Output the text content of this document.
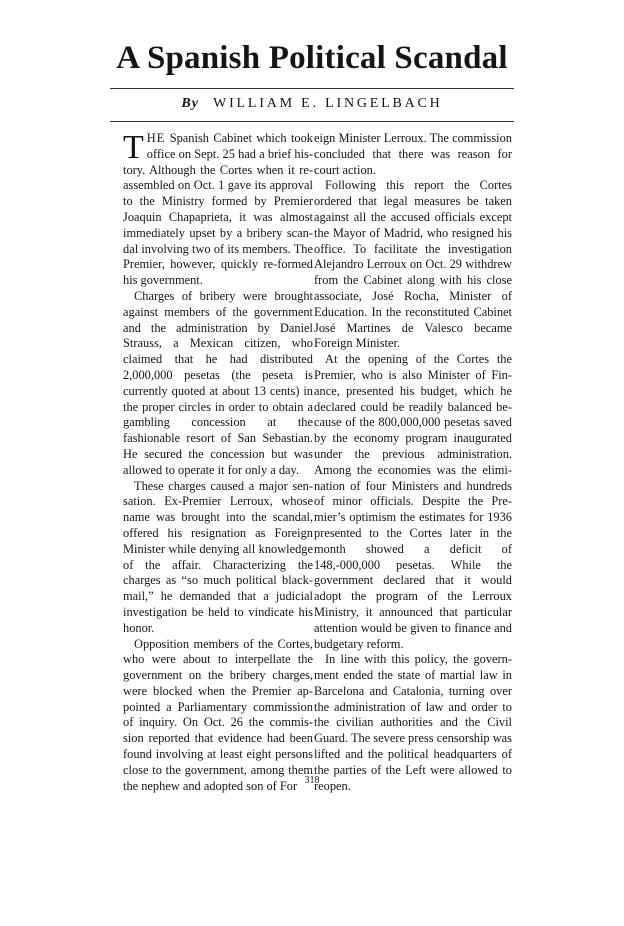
A Spanish Political Scandal

By WILLIAM E. LINGELBACH

THE Spanish Cabinet which took office on Sept. 25 had a brief history. Although the Cortes when it reassembled on Oct. 1 gave its approval to the Ministry formed by Premier Joaquin Chapaprieta, it was almost immediately upset by a bribery scandal involving two of its members. The Premier, however, quickly re-formed his government.

Charges of bribery were brought against members of the government and the administration by Daniel Strauss, a Mexican citizen, who claimed that he had distributed 2,000,000 pesetas (the peseta is currently quoted at about 13 cents) in the proper circles in order to obtain a gambling concession at the fashionable resort of San Sebastian. He secured the concession but was allowed to operate it for only a day.

These charges caused a major sensation. Ex-Premier Lerroux, whose name was brought into the scandal, offered his resignation as Foreign Minister while denying all knowledge of the affair. Characterizing the charges as “so much political blackmail,” he demanded that a judicial investigation be held to vindicate his honor.

Opposition members of the Cortes, who were about to interpellate the government on the bribery charges, were blocked when the Premier appointed a Parliamentary commission of inquiry. On Oct. 26 the commission reported that evidence had been found involving at least eight persons close to the government, among them the nephew and adopted son of For

eign Minister Lerroux. The commission concluded that there was reason for court action.

Following this report the Cortes ordered that legal measures be taken against all the accused officials except the Mayor of Madrid, who resigned his office. To facilitate the investigation Alejandro Lerroux on Oct. 29 withdrew from the Cabinet along with his close associate, José Rocha, Minister of Education. In the reconstituted Cabinet José Martines de Valesco became Foreign Minister.

At the opening of the Cortes the Premier, who is also Minister of Finance, presented his budget, which he declared could be readily balanced because of the 800,000,000 pesetas saved by the economy program inaugurated under the previous administration. Among the economies was the elimination of four Ministers and hundreds of minor officials. Despite the Premier’s optimism the estimates for 1936 presented to the Cortes later in the month showed a deficit of 148,-000,000 pesetas. While the government declared that it would adopt the program of the Lerroux Ministry, it announced that particular attention would be given to finance and budgetary reform.

In line with this policy, the government ended the state of martial law in Barcelona and Catalonia, turning over the administration of law and order to the civilian authorities and the Civil Guard. The severe press censorship was lifted and the political headquarters of the parties of the Left were allowed to reopen.

318
